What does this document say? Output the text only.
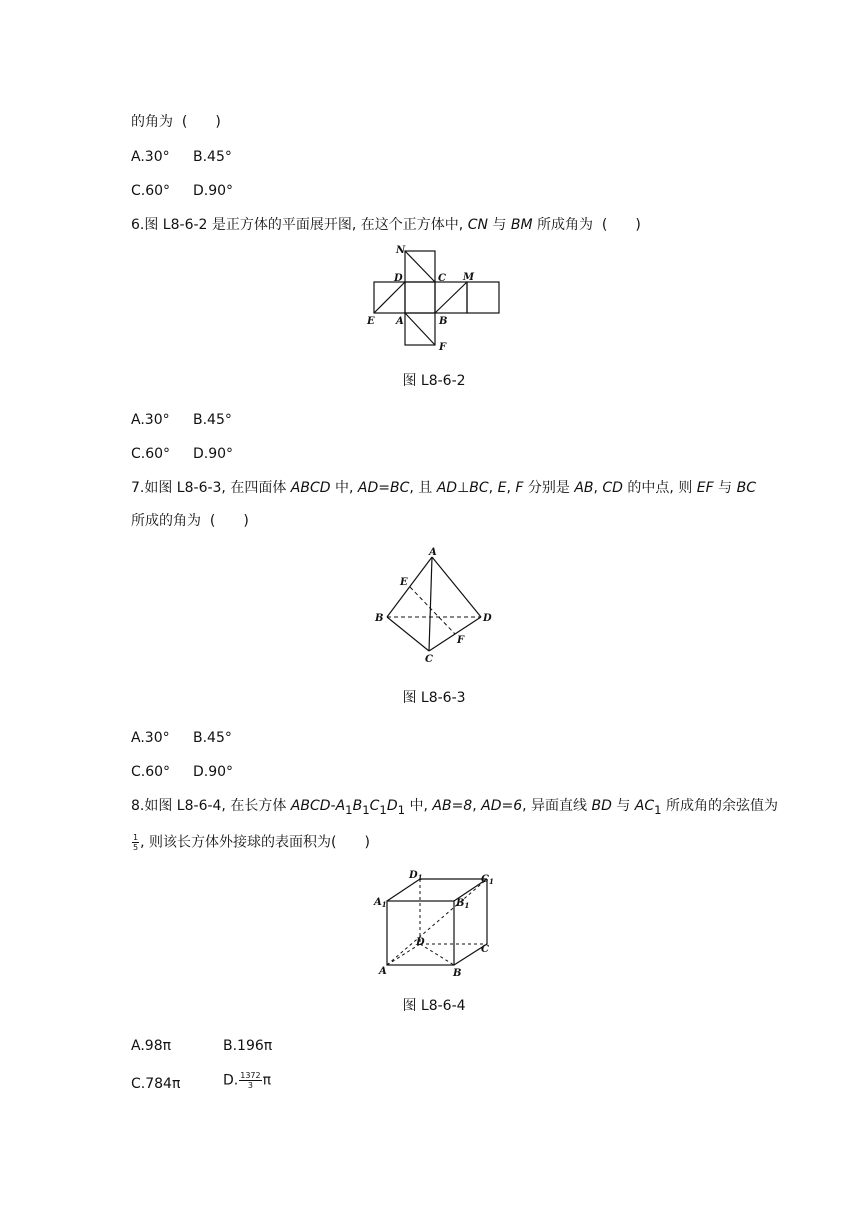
的角为 (　　)
A.30° B.45°
C.60° D.90°
6.图 L8-6-2 是正方体的平面展开图, 在这个正方体中, CN 与 BM 所成角为 (　　)
N
D	C M
E A	B
F
图 L8-6-2
A.30° B.45°
C.60° D.90°
7.如图 L8-6-3, 在四面体 ABCD 中, AD=BC, 且 AD⊥BC, E, F 分别是 AB, CD 的中点, 则 EF 与 BC
所成的角为 (　　)
A
E
B	D
F
C
图 L8-6-3
A.30° B.45°
C.60° D.90°
8.如图 L8-6-4, 在长方体 ABCD-$A_1B_1C_1D_1$ 中, AB=8, AD=6, 异面直线 BD 与 $AC_1$ 所成角的余弦值为
$\frac{1}{5}$ , 则该长方体外接球的表面积为(　　)
$D_1$	$C_1$
$A_1$	$B_1$
D
C
A	B
图 L8-6-4
A.98π	B.196π
C.784π	D. $\frac{1372}{3}$ π
